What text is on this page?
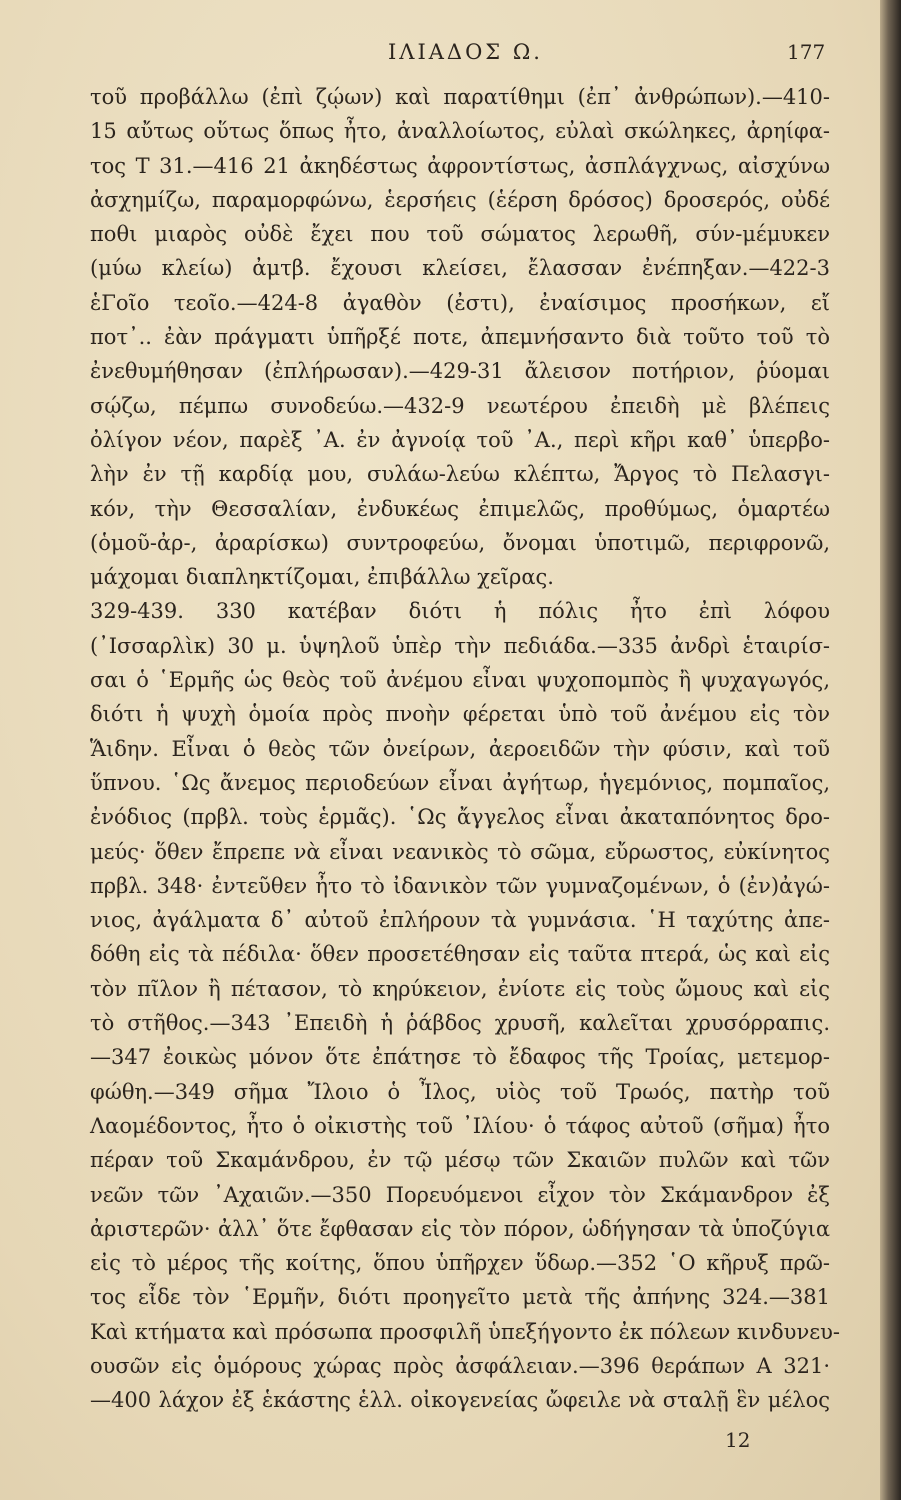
ΙΛΙΑΔΟΣ Ω.	177
τοῦ προβάλλω (ἐπὶ ζῴων) καὶ παρατίθημι (ἐπ᾽ ἀνθρώπων).—410-
15 αὔτως οὕτως ὅπως ἦτο, ἀναλλοίωτος, εὐλαὶ σκώληκες, ἀρηίφα-
τος Τ 31.—416 21 ἀκηδέστως ἀφροντίστως, ἀσπλάγχνως, αἰσχύνω
ἀσχημίζω, παραμορφώνω, ἑερσήεις (ἑέρση δρόσος) δροσερός, οὐδέ
ποθι μιαρὸς οὐδὲ ἔχει που τοῦ σώματος λερωθῆ, σύν-μέμυκεν
(μύω κλείω) ἀμτβ. ἔχουσι κλείσει, ἔλασσαν ἐνέπηξαν.—422-3
ἑΓοῖο τεοῖο.—424-8 ἀγαθὸν (ἐστι), ἐναίσιμος προσήκων, εἴ
ποτ᾽.. ἐὰν πράγματι ὑπῆρξέ ποτε, ἀπεμνήσαντο διὰ τοῦτο τοῦ τὸ
ἐνεθυμήθησαν (ἐπλήρωσαν).—429-31 ἄλεισον ποτήριον, ῥύομαι
σῴζω, πέμπω συνοδεύω.—432-9 νεωτέρου ἐπειδὴ μὲ βλέπεις
ὀλίγον νέον, παρὲξ ᾿Α. ἐν ἀγνοίᾳ τοῦ ᾿Α., περὶ κῆρι καθ᾽ ὑπερβο-
λὴν ἐν τῇ καρδίᾳ μου, συλάω-λεύω κλέπτω, Ἄργος τὸ Πελασγι-
κόν, τὴν Θεσσαλίαν, ἐνδυκέως ἐπιμελῶς, προθύμως, ὁμαρτέω
(ὁμοῦ-ἀρ-, ἀραρίσκω) συντροφεύω, ὄνομαι ὑποτιμῶ, περιφρονῶ,
μάχομαι διαπληκτίζομαι, ἐπιβάλλω χεῖρας.
329-439. 330 κατέβαν διότι ἡ πόλις ἦτο ἐπὶ λόφου
(᾿Ισσαρλὶκ) 30 μ. ὑψηλοῦ ὑπὲρ τὴν πεδιάδα.—335 ἀνδρὶ ἑταιρίσ-
σαι ὁ ῾Ερμῆς ὡς θεὸς τοῦ ἀνέμου εἶναι ψυχοπομπὸς ἢ ψυχαγωγός,
διότι ἡ ψυχὴ ὁμοία πρὸς πνοὴν φέρεται ὑπὸ τοῦ ἀνέμου εἰς τὸν
Ἅιδην. Εἶναι ὁ θεὸς τῶν ὀνείρων, ἀεροειδῶν τὴν φύσιν, καὶ τοῦ
ὕπνου. ῾Ως ἄνεμος περιοδεύων εἶναι ἀγήτωρ, ἡγεμόνιος, πομπαῖος,
ἐνόδιος (πρβλ. τοὺς ἑρμᾶς). ῾Ως ἄγγελος εἶναι ἀκαταπόνητος δρο-
μεύς· ὅθεν ἔπρεπε νὰ εἶναι νεανικὸς τὸ σῶμα, εὔρωστος, εὐκίνητος
πρβλ. 348· ἐντεῦθεν ἦτο τὸ ἰδανικὸν τῶν γυμναζομένων, ὁ (ἐν)ἀγώ-
νιος, ἀγάλματα δ᾽ αὐτοῦ ἐπλήρουν τὰ γυμνάσια. ῾Η ταχύτης ἀπε-
δόθη εἰς τὰ πέδιλα· ὅθεν προσετέθησαν εἰς ταῦτα πτερά, ὡς καὶ εἰς
τὸν πῖλον ἢ πέτασον, τὸ κηρύκειον, ἐνίοτε εἰς τοὺς ὤμους καὶ εἰς
τὸ στῆθος.—343 ᾿Επειδὴ ἡ ῥάβδος χρυσῆ, καλεῖται χρυσόρραπις.
—347 ἐοικὼς μόνον ὅτε ἐπάτησε τὸ ἔδαφος τῆς Τροίας, μετεμορ-
φώθη.—349 σῆμα Ἴλοιο ὁ Ἶλος, υἱὸς τοῦ Τρωός, πατὴρ τοῦ
Λαομέδοντος, ἦτο ὁ οἰκιστὴς τοῦ ᾿Ιλίου· ὁ τάφος αὐτοῦ (σῆμα) ἦτο
πέραν τοῦ Σκαμάνδρου, ἐν τῷ μέσῳ τῶν Σκαιῶν πυλῶν καὶ τῶν
νεῶν τῶν ᾿Αχαιῶν.—350 Πορευόμενοι εἶχον τὸν Σκάμανδρον ἐξ
ἀριστερῶν· ἀλλ᾽ ὅτε ἔφθασαν εἰς τὸν πόρον, ὡδήγησαν τὰ ὑποζύγια
εἰς τὸ μέρος τῆς κοίτης, ὅπου ὑπῆρχεν ὕδωρ.—352 ῾Ο κῆρυξ πρῶ-
τος εἶδε τὸν ῾Ερμῆν, διότι προηγεῖτο μετὰ τῆς ἀπήνης 324.—381
Καὶ κτήματα καὶ πρόσωπα προσφιλῆ ὑπεξήγοντο ἐκ πόλεων κινδυνευ-
ουσῶν εἰς ὁμόρους χώρας πρὸς ἀσφάλειαν.—396 θεράπων Α 321·
—400 λάχον ἐξ ἑκάστης ἑλλ. οἰκογενείας ὤφειλε νὰ σταλῇ ἓν μέλος
12
